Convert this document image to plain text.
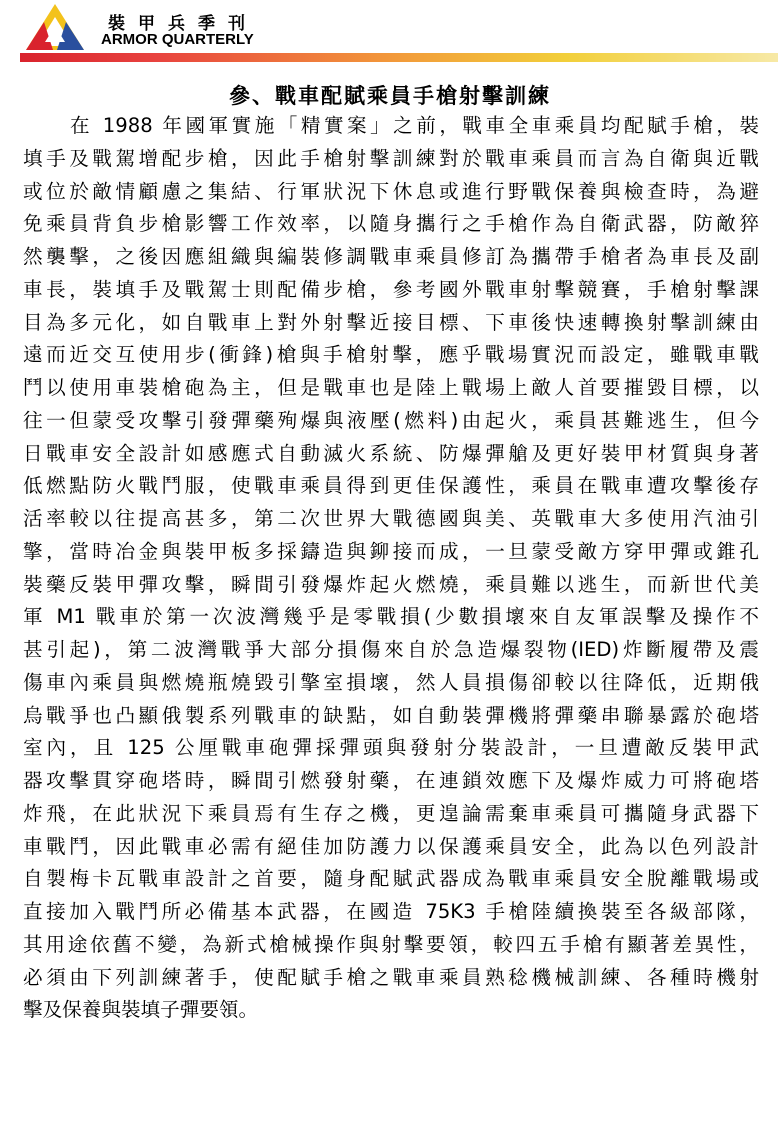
裝甲兵季刊
ARMOR QUARTERLY
參、戰車配賦乘員手槍射擊訓練
在 1988 年國軍實施「精實案」之前，戰車全車乘員均配賦手槍，裝
填手及戰駕增配步槍，因此手槍射擊訓練對於戰車乘員而言為自衛與近戰
或位於敵情顧慮之集結、行軍狀況下休息或進行野戰保養與檢查時，為避
免乘員背負步槍影響工作效率，以隨身攜行之手槍作為自衛武器，防敵猝
然襲擊，之後因應組織與編裝修調戰車乘員修訂為攜帶手槍者為車長及副
車長，裝填手及戰駕士則配備步槍，參考國外戰車射擊競賽，手槍射擊課
目為多元化，如自戰車上對外射擊近接目標、下車後快速轉換射擊訓練由
遠而近交互使用步(衝鋒)槍與手槍射擊，應乎戰場實況而設定，雖戰車戰
鬥以使用車裝槍砲為主，但是戰車也是陸上戰場上敵人首要摧毀目標，以
往一但蒙受攻擊引發彈藥殉爆與液壓(燃料)由起火，乘員甚難逃生，但今
日戰車安全設計如感應式自動滅火系統、防爆彈艙及更好裝甲材質與身著
低燃點防火戰鬥服，使戰車乘員得到更佳保護性，乘員在戰車遭攻擊後存
活率較以往提高甚多，第二次世界大戰德國與美、英戰車大多使用汽油引
擎，當時冶金與裝甲板多採鑄造與鉚接而成，一旦蒙受敵方穿甲彈或錐孔
裝藥反裝甲彈攻擊，瞬間引發爆炸起火燃燒，乘員難以逃生，而新世代美
軍 M1 戰車於第一次波灣幾乎是零戰損(少數損壞來自友軍誤擊及操作不
甚引起)，第二波灣戰爭大部分損傷來自於急造爆裂物(IED)炸斷履帶及震
傷車內乘員與燃燒瓶燒毀引擎室損壞，然人員損傷卻較以往降低，近期俄
烏戰爭也凸顯俄製系列戰車的缺點，如自動裝彈機將彈藥串聯暴露於砲塔
室內，且 125 公厘戰車砲彈採彈頭與發射分裝設計，一旦遭敵反裝甲武
器攻擊貫穿砲塔時，瞬間引燃發射藥，在連鎖效應下及爆炸威力可將砲塔
炸飛，在此狀況下乘員焉有生存之機，更遑論需棄車乘員可攜隨身武器下
車戰鬥，因此戰車必需有絕佳加防護力以保護乘員安全，此為以色列設計
自製梅卡瓦戰車設計之首要，隨身配賦武器成為戰車乘員安全脫離戰場或
直接加入戰鬥所必備基本武器，在國造 75K3 手槍陸續換裝至各級部隊，
其用途依舊不變，為新式槍械操作與射擊要領，較四五手槍有顯著差異性，
必須由下列訓練著手，使配賦手槍之戰車乘員熟稔機械訓練、各種時機射
擊及保養與裝填子彈要領。
